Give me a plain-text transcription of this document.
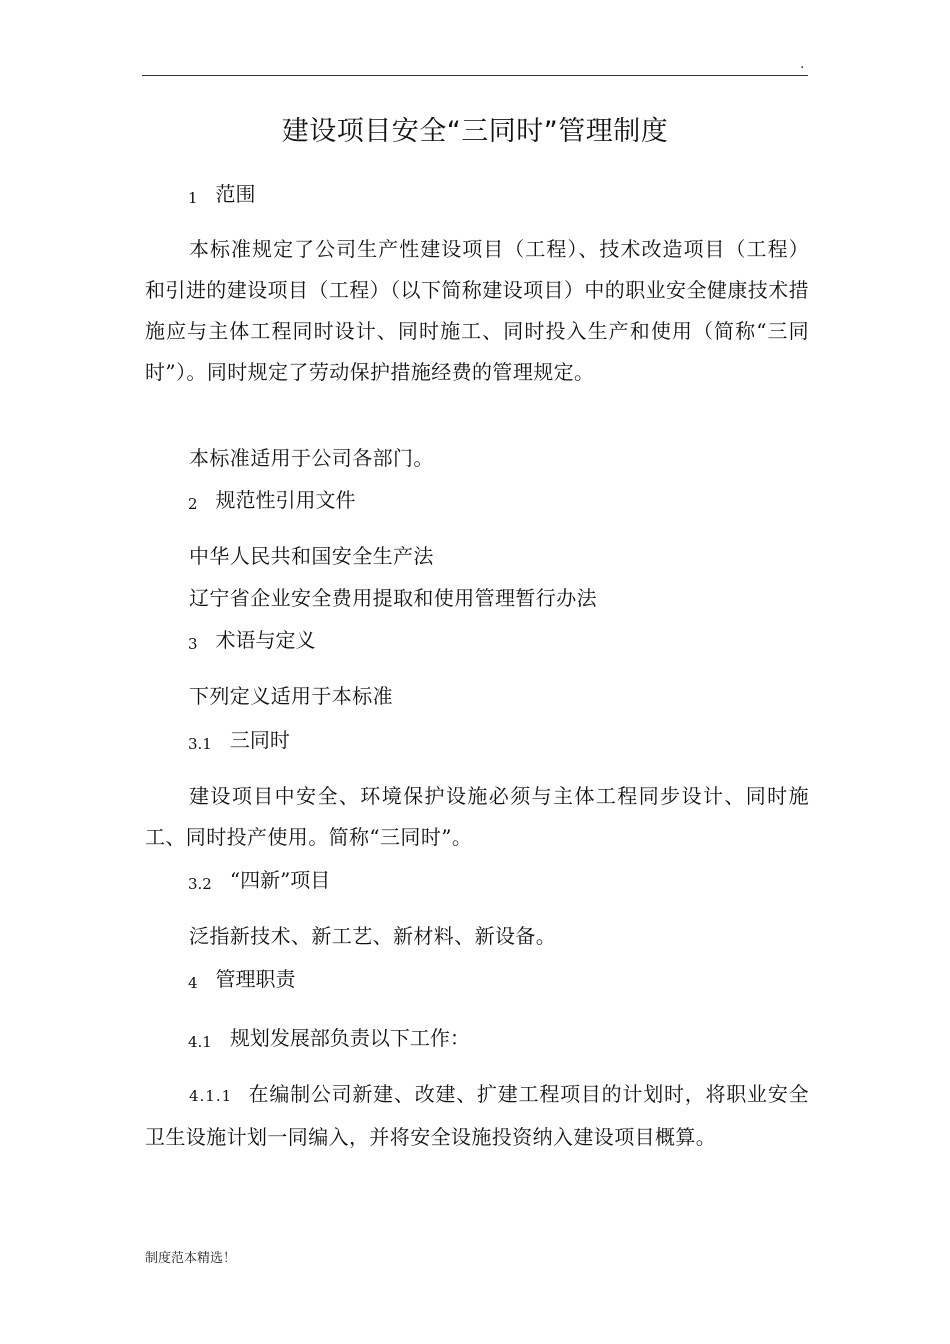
.
建设项目安全“三同时”管理制度
1 范围
本标准规定了公司生产性建设项目（工程）、技术改造项目（工程）和引进的建设项目（工程）（以下简称建设项目）中的职业安全健康技术措施应与主体工程同时设计、同时施工、同时投入生产和使用（简称“三同时”）。同时规定了劳动保护措施经费的管理规定。
本标准适用于公司各部门。
2 规范性引用文件
中华人民共和国安全生产法
辽宁省企业安全费用提取和使用管理暂行办法
3 术语与定义
下列定义适用于本标准
3.1 三同时
建设项目中安全、环境保护设施必须与主体工程同步设计、同时施工、同时投产使用。简称“三同时”。
3.2 “四新”项目
泛指新技术、新工艺、新材料、新设备。
4 管理职责
4.1 规划发展部负责以下工作：
4.1.1 在编制公司新建、改建、扩建工程项目的计划时，将职业安全卫生设施计划一同编入，并将安全设施投资纳入建设项目概算。
制度范本精选！
